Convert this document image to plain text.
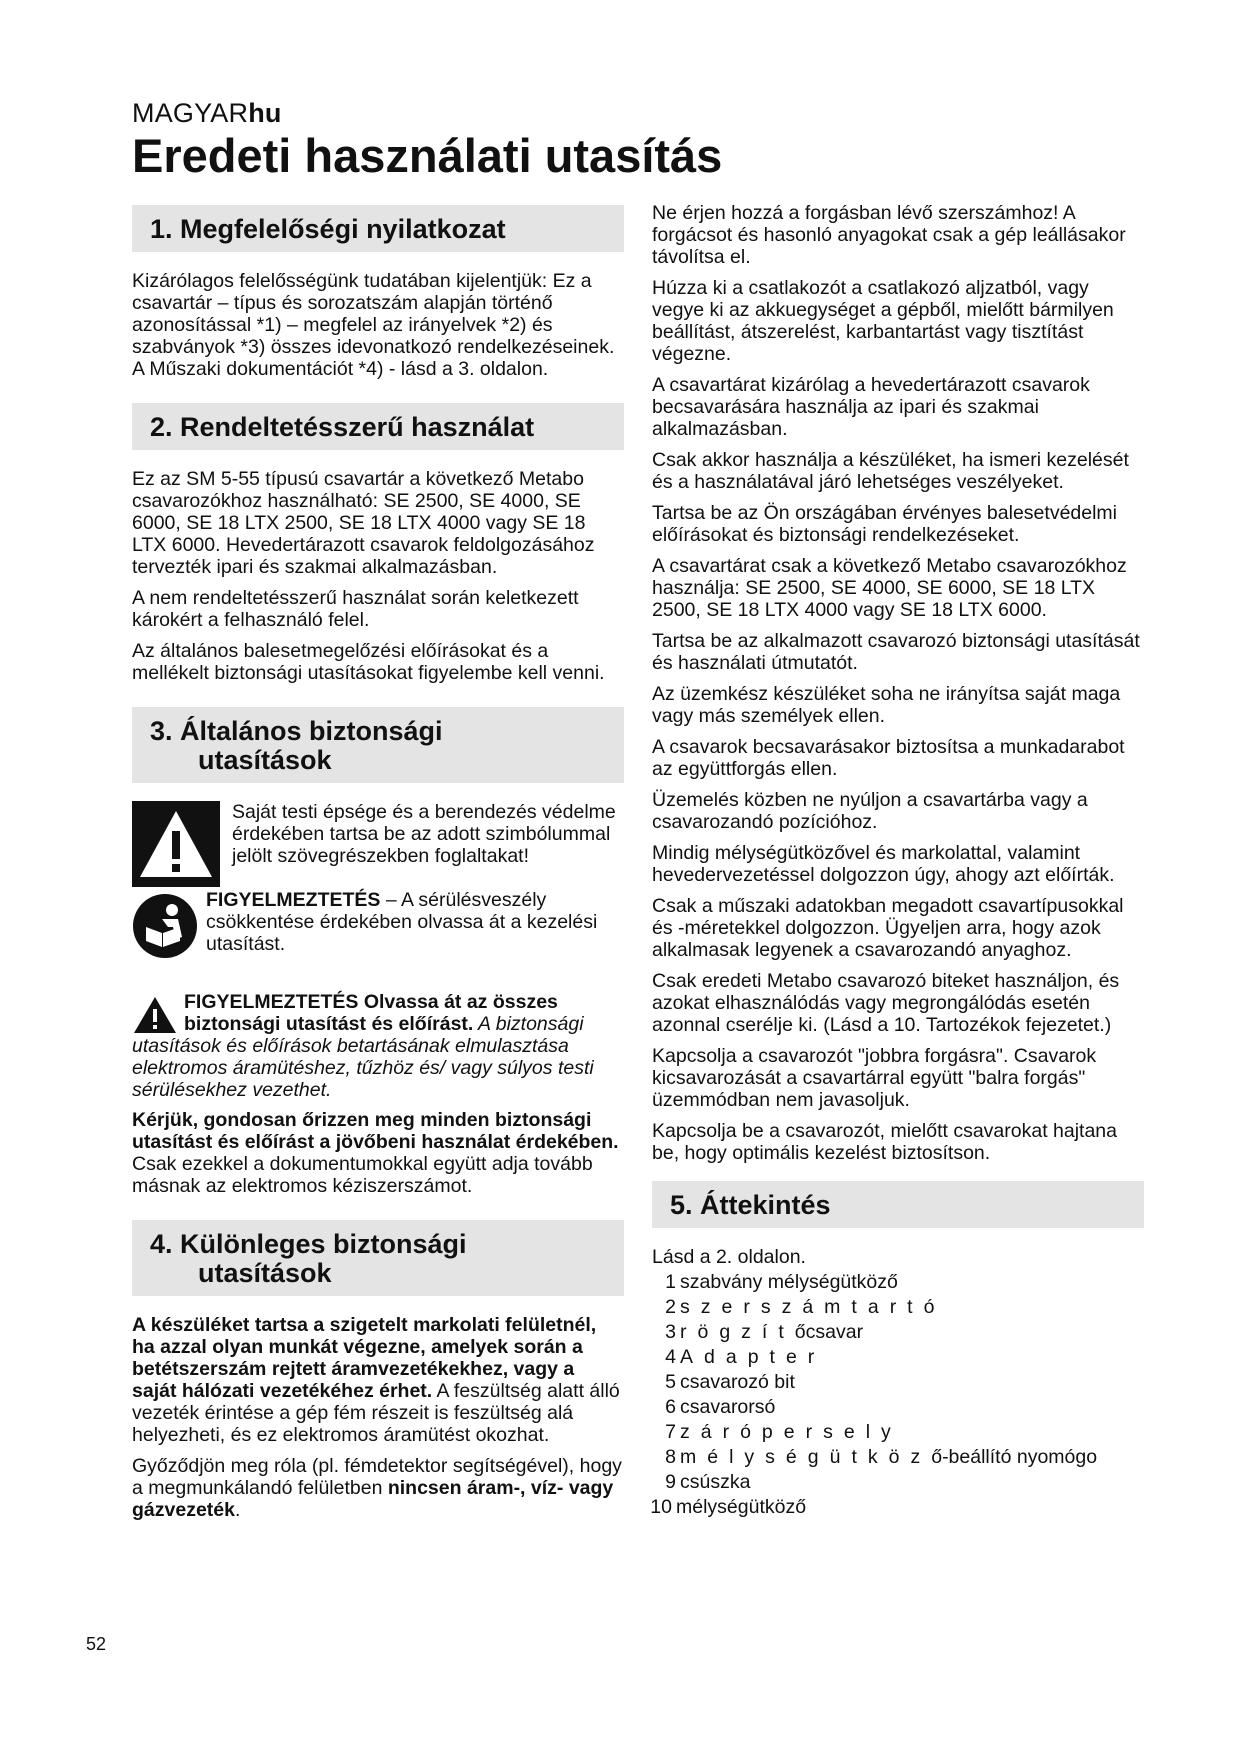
MAGYARhu
Eredeti használati utasítás
1. Megfelelőségi nyilatkozat

Kizárólagos felelősségünk tudatában kijelentjük: Ez a csavartár – típus és sorozatszám alapján történő azonosítással *1) – megfelel az irányelvek *2) és szabványok *3) összes idevonatkozó rendelkezéseinek. A Műszaki dokumentációt *4) - lásd a 3. oldalon.

2. Rendeltetésszerű használat

Ez az SM 5-55 típusú csavartár a következő Metabo csavarozókhoz használható: SE 2500, SE 4000, SE 6000, SE 18 LTX 2500, SE 18 LTX 4000 vagy SE 18 LTX 6000. Hevedertárazott csavarok feldolgozásához tervezték ipari és szakmai alkalmazásban.

A nem rendeltetésszerű használat során keletkezett károkért a felhasználó felel.

Az általános balesetmegelőzési előírásokat és a mellékelt biztonsági utasításokat figyelembe kell venni.

3. Általános biztonsági
utasítások

Saját testi épsége és a berendezés védelme érdekében tartsa be az adott szimbólummal jelölt szövegrészekben foglaltakat!

FIGYELMEZTETÉS – A sérülésveszély csökkentése érdekében olvassa át a kezelési utasítást.

FIGYELMEZTETÉS Olvassa át az összes biztonsági utasítást és előírást. A biztonsági utasítások és előírások betartásának elmulasztása elektromos áramütéshez, tűzhöz és/ vagy súlyos testi sérülésekhez vezethet.

Kérjük, gondosan őrizzen meg minden biztonsági utasítást és előírást a jövőbeni használat érdekében.

Csak ezekkel a dokumentumokkal együtt adja tovább másnak az elektromos kéziszerszámot.

4. Különleges biztonsági
utasítások

A készüléket tartsa a szigetelt markolati felületnél, ha azzal olyan munkát végezne, amelyek során a betétszerszám rejtett áramvezetékekhez, vagy a saját hálózati vezetékéhez érhet. A feszültség alatt álló vezeték érintése a gép fém részeit is feszültség alá helyezheti, és ez elektromos áramütést okozhat.

Győződjön meg róla (pl. fémdetektor segítségével), hogy a megmunkálandó felületben nincsen áram-, víz- vagy gázvezeték.

Ne érjen hozzá a forgásban lévő szerszámhoz! A forgácsot és hasonló anyagokat csak a gép leállásakor távolítsa el.

Húzza ki a csatlakozót a csatlakozó aljzatból, vagy vegye ki az akkuegységet a gépből, mielőtt bármilyen beállítást, átszerelést, karbantartást vagy tisztítást végezne.

A csavartárat kizárólag a hevedertárazott csavarok becsavarására használja az ipari és szakmai alkalmazásban.

Csak akkor használja a készüléket, ha ismeri kezelését és a használatával járó lehetséges veszélyeket.

Tartsa be az Ön országában érvényes balesetvédelmi előírásokat és biztonsági rendelkezéseket.

A csavartárat csak a következő Metabo csavarozókhoz használja: SE 2500, SE 4000, SE 6000, SE 18 LTX 2500, SE 18 LTX 4000 vagy SE 18 LTX 6000.

Tartsa be az alkalmazott csavarozó biztonsági utasítását és használati útmutatót.

Az üzemkész készüléket soha ne irányítsa saját maga vagy más személyek ellen.

A csavarok becsavarásakor biztosítsa a munkadarabot az együttforgás ellen.

Üzemelés közben ne nyúljon a csavartárba vagy a csavarozandó pozícióhoz.

Mindig mélységütközővel és markolattal, valamint hevedervezetéssel dolgozzon úgy, ahogy azt előírták.

Csak a műszaki adatokban megadott csavartípusokkal és -méretekkel dolgozzon. Ügyeljen arra, hogy azok alkalmasak legyenek a csavarozandó anyaghoz.

Csak eredeti Metabo csavarozó biteket használjon, és azokat elhasználódás vagy megrongálódás esetén azonnal cserélje ki. (Lásd a 10. Tartozékok fejezetet.)

Kapcsolja a csavarozót "jobbra forgásra". Csavarok kicsavarozását a csavartárral együtt "balra forgás" üzemmódban nem javasoljuk.

Kapcsolja be a csavarozót, mielőtt csavarokat hajtana be, hogy optimális kezelést biztosítson.

5. Áttekintés

Lásd a 2. oldalon.

1 szabvány mélységütköző
2 szerszámtartó
3 rögzítőcsavar
4 Adapter
5 csavarozó bit
6 csavarorsó
7 zárópersely
8 mélységütköző-beállító nyomógo
9 csúszka
10 mélységütköző
52
